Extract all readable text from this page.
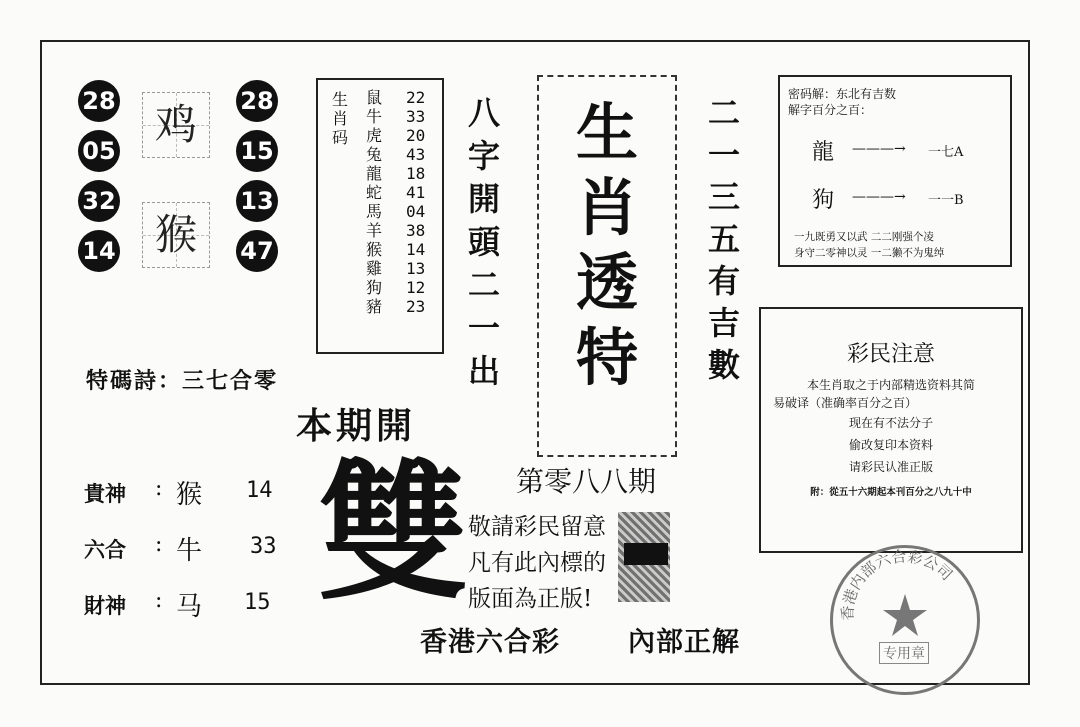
28
05
32
14
28
15
13
47
鸡
猴
生肖码
鼠
牛
虎
兔
龍
蛇
馬
羊
猴
雞
狗
豬
22
33
20
43
18
41
04
38
14
13
12
23
八
字
開
頭
二
一
出
生
肖
透
特
二
一
三
五
有
吉
數
密码解：东北有吉数
解字百分之百：
龍 ———→ 一七A
狗 ———→ 一一B
一九既勇又以武 二二刚强个凌
身守二零神以灵 一二獭不为鬼绰
彩民注意
本生肖取之于内部精选资料其简
易破译（准确率百分之百）
现在有不法分子
偷改复印本资料
请彩民认准正版
附：從五十六期起本刊百分之八九十中
特碼詩：三七合零
本期開
雙 第零八八期
敬請彩民留意
凡有此內標的
版面為正版!
貴神 : 猴 14
六合 : 牛 33
財神 : 马 15
香港六合彩	內部正解
香港内部六合彩公司
专用章
